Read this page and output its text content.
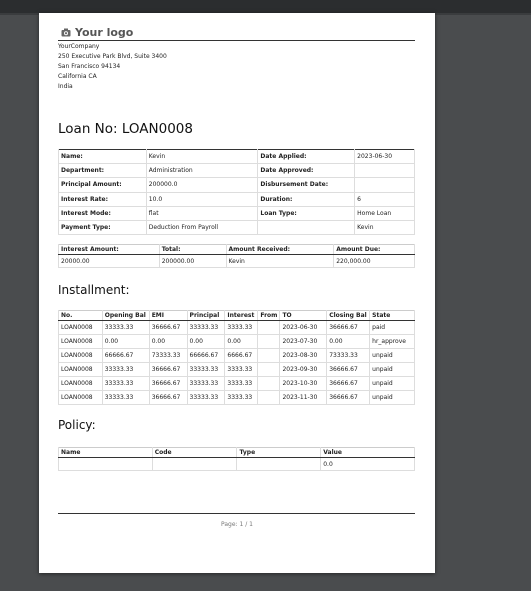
Your logo
YourCompany
250 Executive Park Blvd, Suite 3400
San Francisco 94134
California CA
India
Loan No: LOAN0008
Name:	Kevin	Date Applied:	2023-06-30
Department:	Administration	Date Approved:	
Principal Amount:	200000.0	Disbursement Date:	
Interest Rate:	10.0	Duration:	6
Interest Mode:	flat	Loan Type:	Home Loan
Payment Type:	Deduction From Payroll		Kevin
Interest Amount:	Total:	Amount Received:	Amount Due:
20000.00	200000.00	Kevin	220,000.00
Installment:
No.	Opening Bal	EMI	Principal	Interest	From	TO	Closing Bal	State
LOAN0008	33333.33	36666.67	33333.33	3333.33		2023-06-30	36666.67	paid
LOAN0008	0.00	0.00	0.00	0.00		2023-07-30	0.00	hr_approve
LOAN0008	66666.67	73333.33	66666.67	6666.67		2023-08-30	73333.33	unpaid
LOAN0008	33333.33	36666.67	33333.33	3333.33		2023-09-30	36666.67	unpaid
LOAN0008	33333.33	36666.67	33333.33	3333.33		2023-10-30	36666.67	unpaid
LOAN0008	33333.33	36666.67	33333.33	3333.33		2023-11-30	36666.67	unpaid
Policy:
Name	Code	Type	Value
			0.0
Page: 1 / 1
